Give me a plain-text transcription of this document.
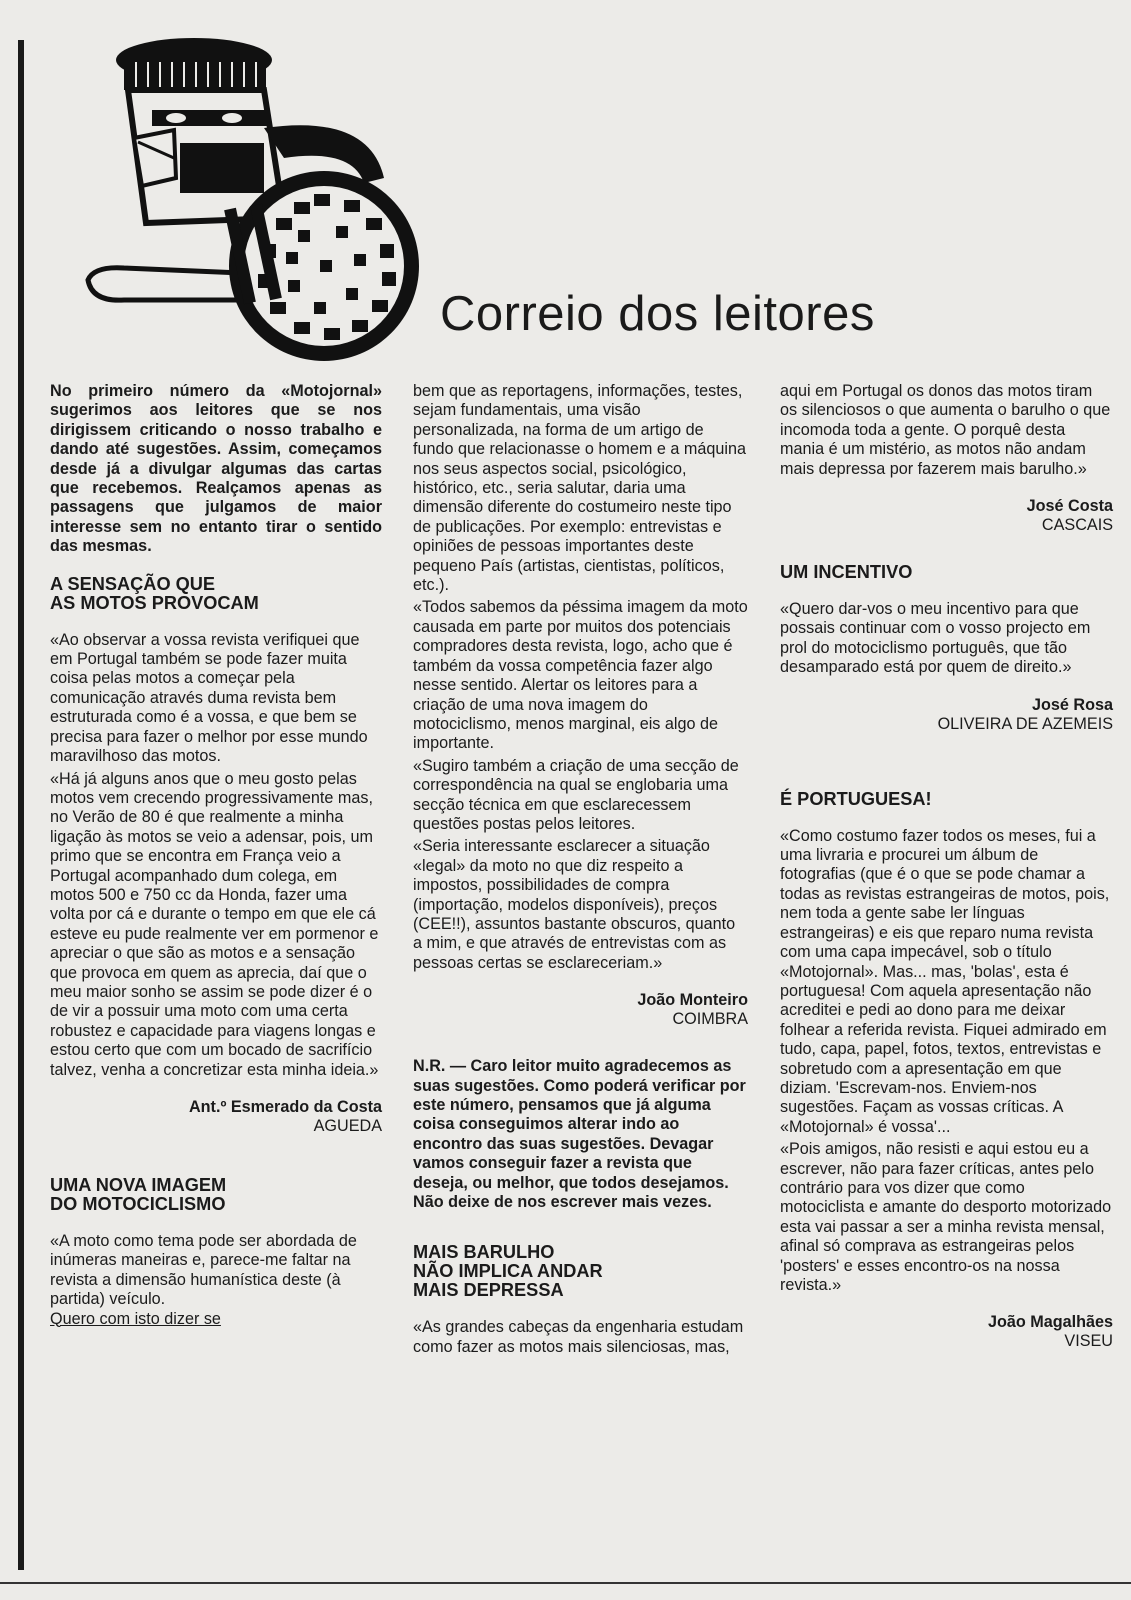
Correio dos leitores

No primeiro número da «Motojornal» sugerimos aos leitores que se nos dirigissem criticando o nosso trabalho e dando até sugestões. Assim, começamos desde já a divulgar algumas das cartas que recebemos. Realçamos apenas as passagens que julgamos de maior interesse sem no entanto tirar o sentido das mesmas.

A SENSAÇÃO QUE
AS MOTOS PROVOCAM

«Ao observar a vossa revista verifiquei que em Portugal também se pode fazer muita coisa pelas motos a começar pela comunicação através duma revista bem estruturada como é a vossa, e que bem se precisa para fazer o melhor por esse mundo maravilhoso das motos.

«Há já alguns anos que o meu gosto pelas motos vem crecendo progressivamente mas, no Verão de 80 é que realmente a minha ligação às motos se veio a adensar, pois, um primo que se encontra em França veio a Portugal acompanhado dum colega, em motos 500 e 750 cc da Honda, fazer uma volta por cá e durante o tempo em que ele cá esteve eu pude realmente ver em pormenor e apreciar o que são as motos e a sensação que provoca em quem as aprecia, daí que o meu maior sonho se assim se pode dizer é o de vir a possuir uma moto com uma certa robustez e capacidade para viagens longas e estou certo que com um bocado de sacrifício talvez, venha a concretizar esta minha ideia.»

Ant.º Esmerado da Costa
AGUEDA
UMA NOVA IMAGEM
DO MOTOCICLISMO

«A moto como tema pode ser abordada de inúmeras maneiras e, parece-me faltar na revista a dimensão humanística deste (à partida) veículo.

Quero com isto dizer se

bem que as reportagens, informações, testes, sejam fundamentais, uma visão personalizada, na forma de um artigo de fundo que relacionasse o homem e a máquina nos seus aspectos social, psicológico, histórico, etc., seria salutar, daria uma dimensão diferente do costumeiro neste tipo de publicações. Por exemplo: entrevistas e opiniões de pessoas importantes deste pequeno País (artistas, cientistas, políticos, etc.).

«Todos sabemos da péssima imagem da moto causada em parte por muitos dos potenciais compradores desta revista, logo, acho que é também da vossa competência fazer algo nesse sentido. Alertar os leitores para a criação de uma nova imagem do motociclismo, menos marginal, eis algo de importante.

«Sugiro também a criação de uma secção de correspondência na qual se englobaria uma secção técnica em que esclarecessem questões postas pelos leitores.

«Seria interessante esclarecer a situação «legal» da moto no que diz respeito a impostos, possibilidades de compra (importação, modelos disponíveis), preços (CEE!!), assuntos bastante obscuros, quanto a mim, e que através de entrevistas com as pessoas certas se esclareceriam.»

João Monteiro
COIMBRA

N.R. — Caro leitor muito agradecemos as suas sugestões. Como poderá verificar por este número, pensamos que já alguma coisa conseguimos alterar indo ao encontro das suas sugestões. Devagar vamos conseguir fazer a revista que deseja, ou melhor, que todos desejamos. Não deixe de nos escrever mais vezes.

MAIS BARULHO
NÃO IMPLICA ANDAR
MAIS DEPRESSA

«As grandes cabeças da engenharia estudam como fazer as motos mais silenciosas, mas,

aqui em Portugal os donos das motos tiram os silenciosos o que aumenta o barulho o que incomoda toda a gente. O porquê desta mania é um mistério, as motos não andam mais depressa por fazerem mais barulho.»

José Costa
CASCAIS
UM INCENTIVO

«Quero dar-vos o meu incentivo para que possais continuar com o vosso projecto em prol do motociclismo português, que tão desamparado está por quem de direito.»

José Rosa
OLIVEIRA DE AZEMEIS
É PORTUGUESA!

«Como costumo fazer todos os meses, fui a uma livraria e procurei um álbum de fotografias (que é o que se pode chamar a todas as revistas estrangeiras de motos, pois, nem toda a gente sabe ler línguas estrangeiras) e eis que reparo numa revista com uma capa impecável, sob o título «Motojornal». Mas... mas, 'bolas', esta é portuguesa! Com aquela apresentação não acreditei e pedi ao dono para me deixar folhear a referida revista. Fiquei admirado em tudo, capa, papel, fotos, textos, entrevistas e sobretudo com a apresentação em que diziam. 'Escrevam-nos. Enviem-nos sugestões. Façam as vossas críticas. A «Motojornal» é vossa'...

«Pois amigos, não resisti e aqui estou eu a escrever, não para fazer críticas, antes pelo contrário para vos dizer que como motociclista e amante do desporto motorizado esta vai passar a ser a minha revista mensal, afinal só comprava as estrangeiras pelos 'posters' e esses encontro-os na nossa revista.»

João Magalhães
VISEU
